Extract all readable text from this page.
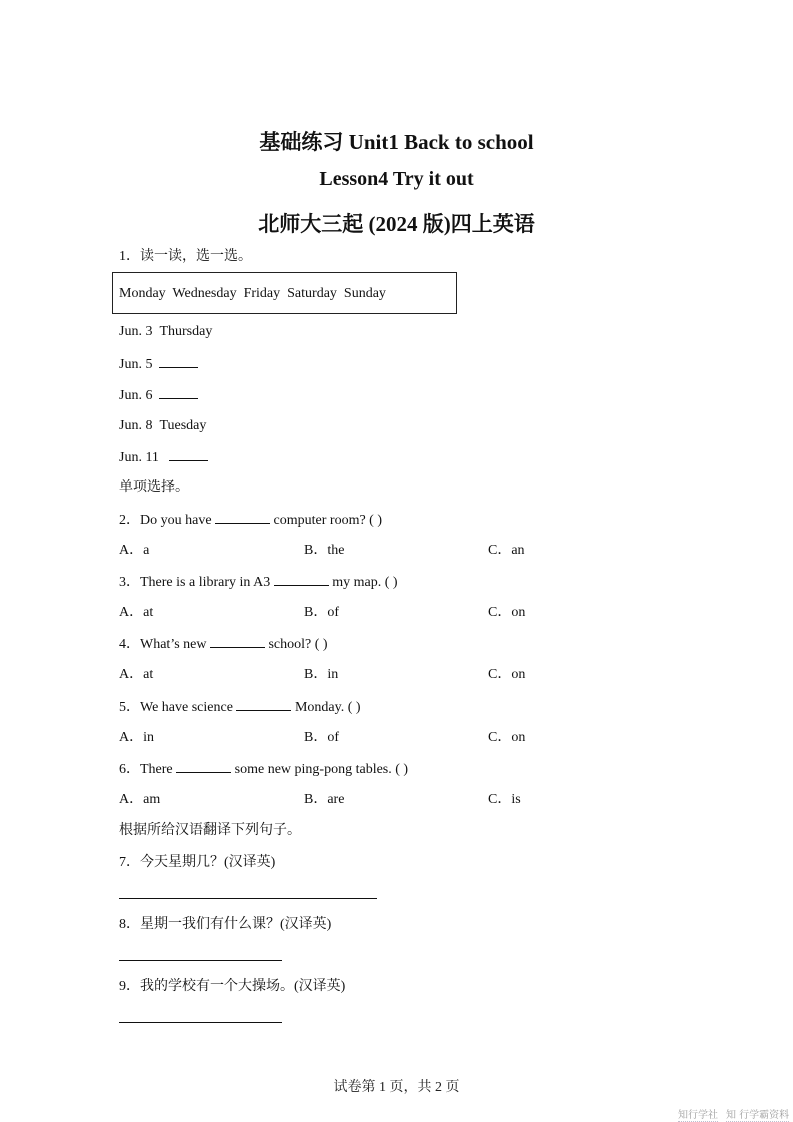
基础练习 Unit1 Back to school
Lesson4 Try it out
北师大三起 (2024 版)四上英语
1．读一读，选一选。
Monday  Wednesday  Friday  Saturday  Sunday
Jun. 3 Thursday
Jun. 5
Jun. 6
Jun. 8 Tuesday
Jun. 11
单项选择。
2．Do you have	computer room? ( )
A．a	B．the	C．an
3．There is a library in A3	my map. ( )
A．at	B．of	C．on
4．What’s new	school? ( )
A．at	B．in	C．on
5．We have science	Monday. ( )
A．in	B．of	C．on
6．There	some new ping-pong tables. ( )
A．am	B．are	C．is
根据所给汉语翻译下列句子。
7．今天星期几？(汉译英)
8．星期一我们有什么课？(汉译英)
9．我的学校有一个大操场。(汉译英)
试卷第 1 页，共 2 页
知行学社 知 行学霸资料
